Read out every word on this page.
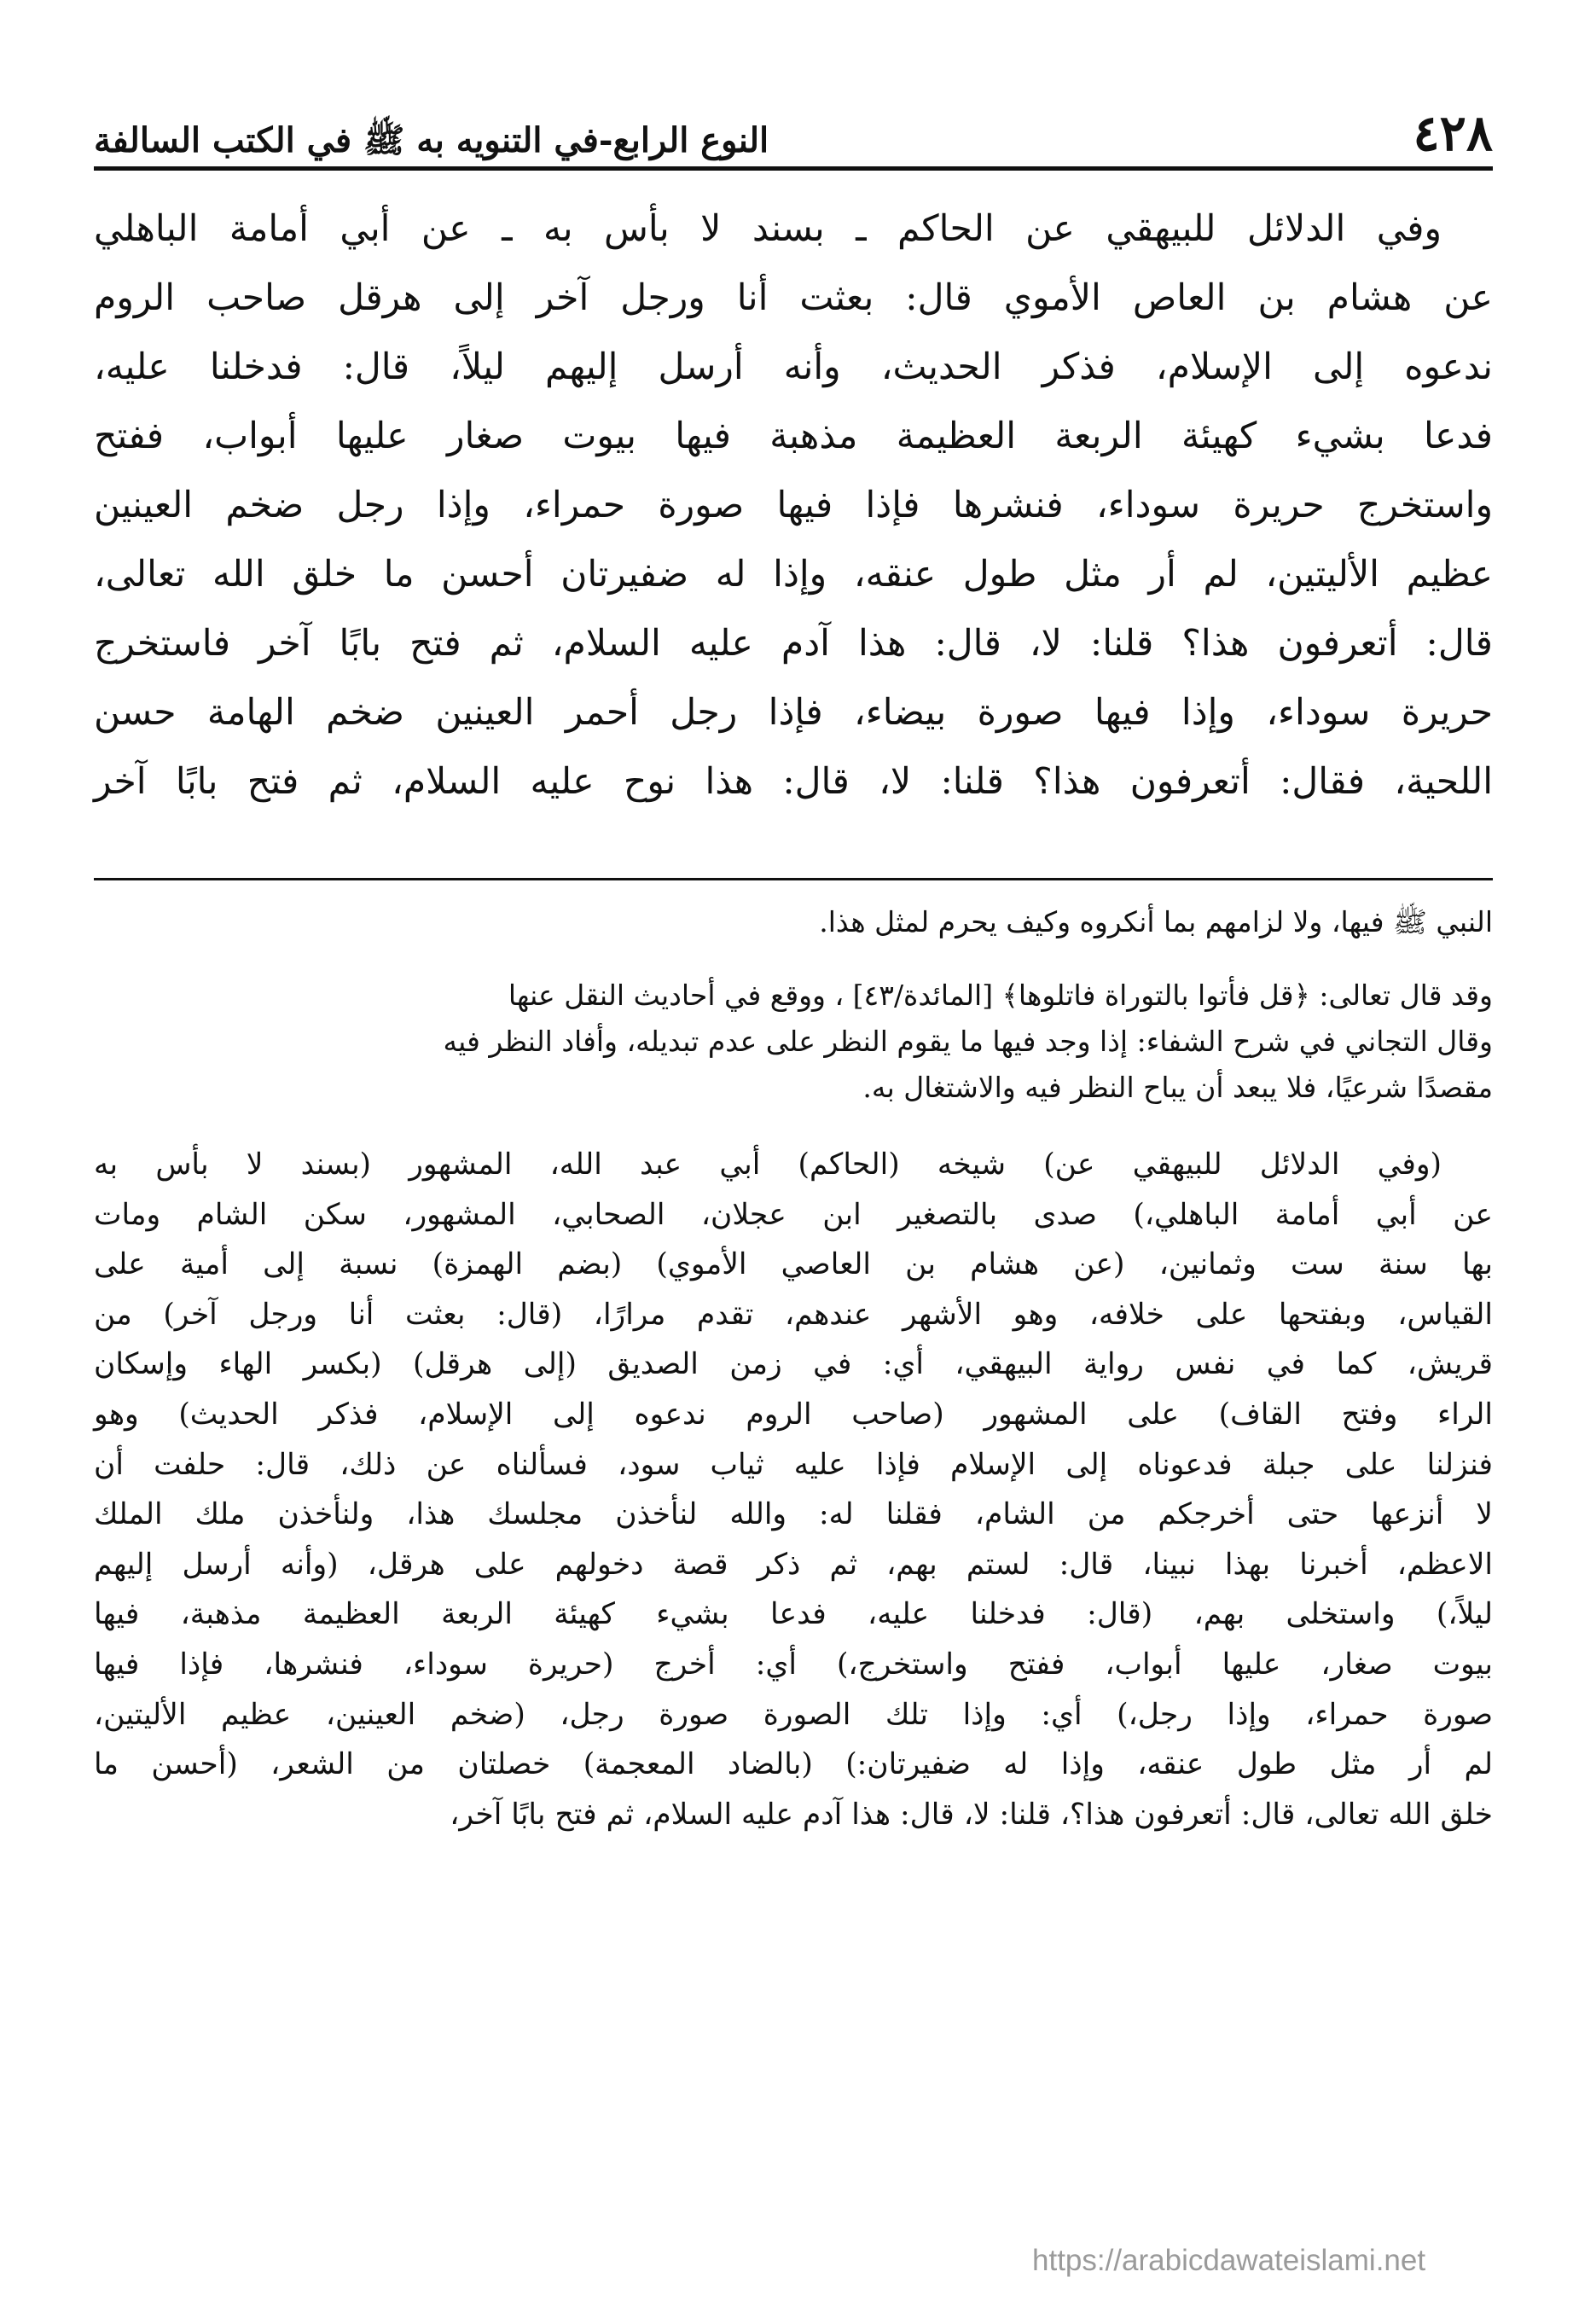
٤٢٨
النوع الرابع-في التنويه به ﷺ في الكتب السالفة

وفي الدلائل للبيهقي عن الحاكم ـ بسند لا بأس به ـ عن أبي أمامة الباهلي

عن هشام بن العاص الأموي قال: بعثت أنا ورجل آخر إلى هرقل صاحب الروم

ندعوه إلى الإسلام، فذكر الحديث، وأنه أرسل إليهم ليلاً، قال: فدخلنا عليه،

فدعا بشيء كهيئة الربعة العظيمة مذهبة فيها بيوت صغار عليها أبواب، ففتح

واستخرج حريرة سوداء، فنشرها فإذا فيها صورة حمراء، وإذا رجل ضخم العينين

عظيم الأليتين، لم أر مثل طول عنقه، وإذا له ضفيرتان أحسن ما خلق الله تعالى،

قال: أتعرفون هذا؟ قلنا: لا، قال: هذا آدم عليه السلام، ثم فتح بابًا آخر فاستخرج

حريرة سوداء، وإذا فيها صورة بيضاء، فإذا رجل أحمر العينين ضخم الهامة حسن

اللحية، فقال: أتعرفون هذا؟ قلنا: لا، قال: هذا نوح عليه السلام، ثم فتح بابًا آخر

النبي ﷺ فيها، ولا لزامهم بما أنكروه وكيف يحرم لمثل هذا.

وقد قال تعالى: ﴿قل فأتوا بالتوراة فاتلوها﴾ [المائدة/٤٣] ، ووقع في أحاديث النقل عنها

وقال التجاني في شرح الشفاء: إذا وجد فيها ما يقوم النظر على عدم تبديله، وأفاد النظر فيه

مقصدًا شرعيًا، فلا يبعد أن يباح النظر فيه والاشتغال به.

(وفي الدلائل للبيهقي عن) شيخه (الحاكم) أبي عبد الله، المشهور (بسند لا بأس به

عن أبي أمامة الباهلي،) صدى بالتصغير ابن عجلان، الصحابي، المشهور، سكن الشام ومات

بها سنة ست وثمانين، (عن هشام بن العاصي الأموي) (بضم الهمزة) نسبة إلى أمية على

القياس، وبفتحها على خلافه، وهو الأشهر عندهم، تقدم مرارًا، (قال: بعثت أنا ورجل آخر) من

قريش، كما في نفس رواية البيهقي، أي: في زمن الصديق (إلى هرقل) (بكسر الهاء وإسكان

الراء وفتح القاف) على المشهور (صاحب الروم ندعوه إلى الإسلام، فذكر الحديث) وهو

فنزلنا على جبلة فدعوناه إلى الإسلام فإذا عليه ثياب سود، فسألناه عن ذلك، قال: حلفت أن

لا أنزعها حتى أخرجكم من الشام، فقلنا له: والله لنأخذن مجلسك هذا، ولنأخذن ملك الملك

الاعظم، أخبرنا بهذا نبينا، قال: لستم بهم، ثم ذكر قصة دخولهم على هرقل، (وأنه أرسل إليهم

ليلاً،) واستخلى بهم، (قال: فدخلنا عليه، فدعا بشيء كهيئة الربعة العظيمة مذهبة، فيها

بيوت صغار، عليها أبواب، ففتح واستخرج،) أي: أخرج (حريرة سوداء، فنشرها، فإذا فيها

صورة حمراء، وإذا رجل،) أي: وإذا تلك الصورة صورة رجل، (ضخم العينين، عظيم الأليتين،

لم أر مثل طول عنقه، وإذا له ضفيرتان:) (بالضاد المعجمة) خصلتان من الشعر، (أحسن ما

خلق الله تعالى، قال: أتعرفون هذا؟، قلنا: لا، قال: هذا آدم عليه السلام، ثم فتح بابًا آخر،

https://arabicdawateislami.net
